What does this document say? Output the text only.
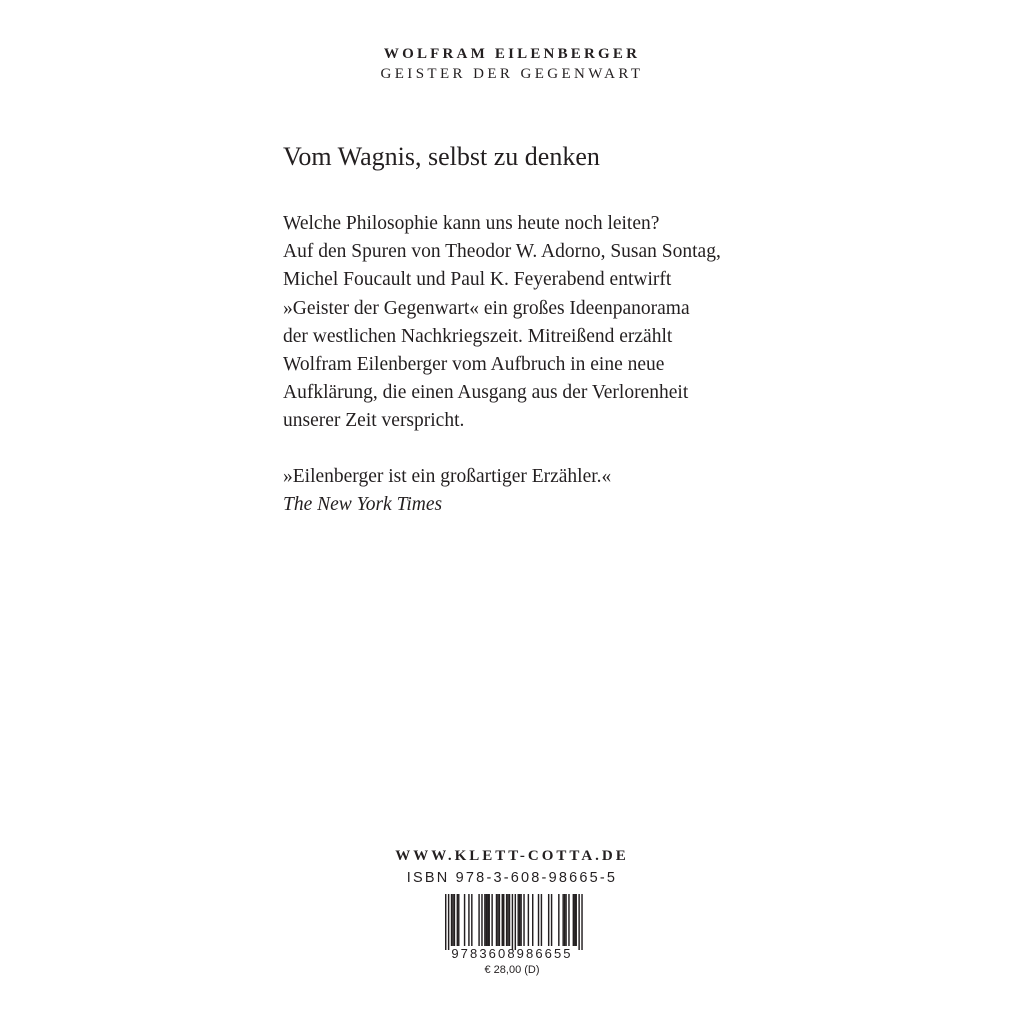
WOLFRAM EILENBERGER
GEISTER DER GEGENWART
Vom Wagnis, selbst zu denken
Welche Philosophie kann uns heute noch leiten?
Auf den Spuren von Theodor W. Adorno, Susan Sontag,
Michel Foucault und Paul K. Feyerabend entwirft
»Geister der Gegenwart« ein großes Ideenpanorama
der westlichen Nachkriegszeit. Mitreißend erzählt
Wolfram Eilenberger vom Aufbruch in eine neue
Aufklärung, die einen Ausgang aus der Verlorenheit
unserer Zeit verspricht.
»Eilenberger ist ein großartiger Erzähler.«
The New York Times
WWW.KLETT-COTTA.DE
ISBN 978-3-608-98665-5
9783608986655
€ 28,00 (D)
